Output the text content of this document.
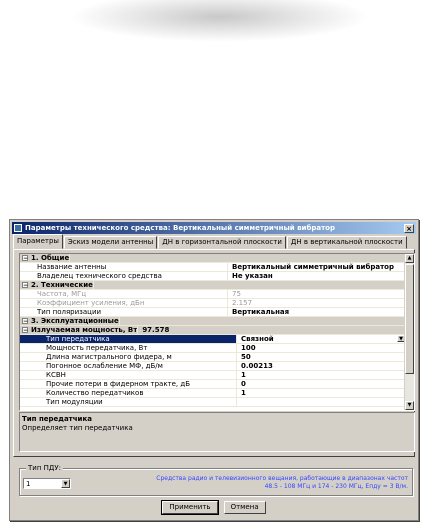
Параметры технического средства: Вертикальный симметричный вибратор	×
Параметры	Эскиз модели антенны	ДН в горизонтальной плоскости	ДН в вертикальной плоскости
− 1. Общие
Название антенны	Вертикальный симметричный вибратор
Владелец технического средства	Не указан
− 2. Технические
Частота, МГц	75
Коэффициент усиления, дБн	2.157
Тип поляризации	Вертикальная
− 3. Эксплуатационные
− Излучаемая мощность, Вт 97.578
Тип передатчика	Связной	▼
Мощность передатчика, Вт	100
Длина магистрального фидера, м	50
Погонное ослабление МФ, дБ/м	0.00213
КСВН	1
Прочие потери в фидерном тракте, дБ	0
Количество передатчиков	1
Тип модуляции
▲
▼
Тип передатчика
Определяет тип передатчика
Тип ПДУ:
1	▼
Средства радио и телевизионного вещания, работающие в диапазонах частот 48.5 - 108 МГц и 174 - 230 МГц, Епду = 3 В/м.
Применить	Отмена
